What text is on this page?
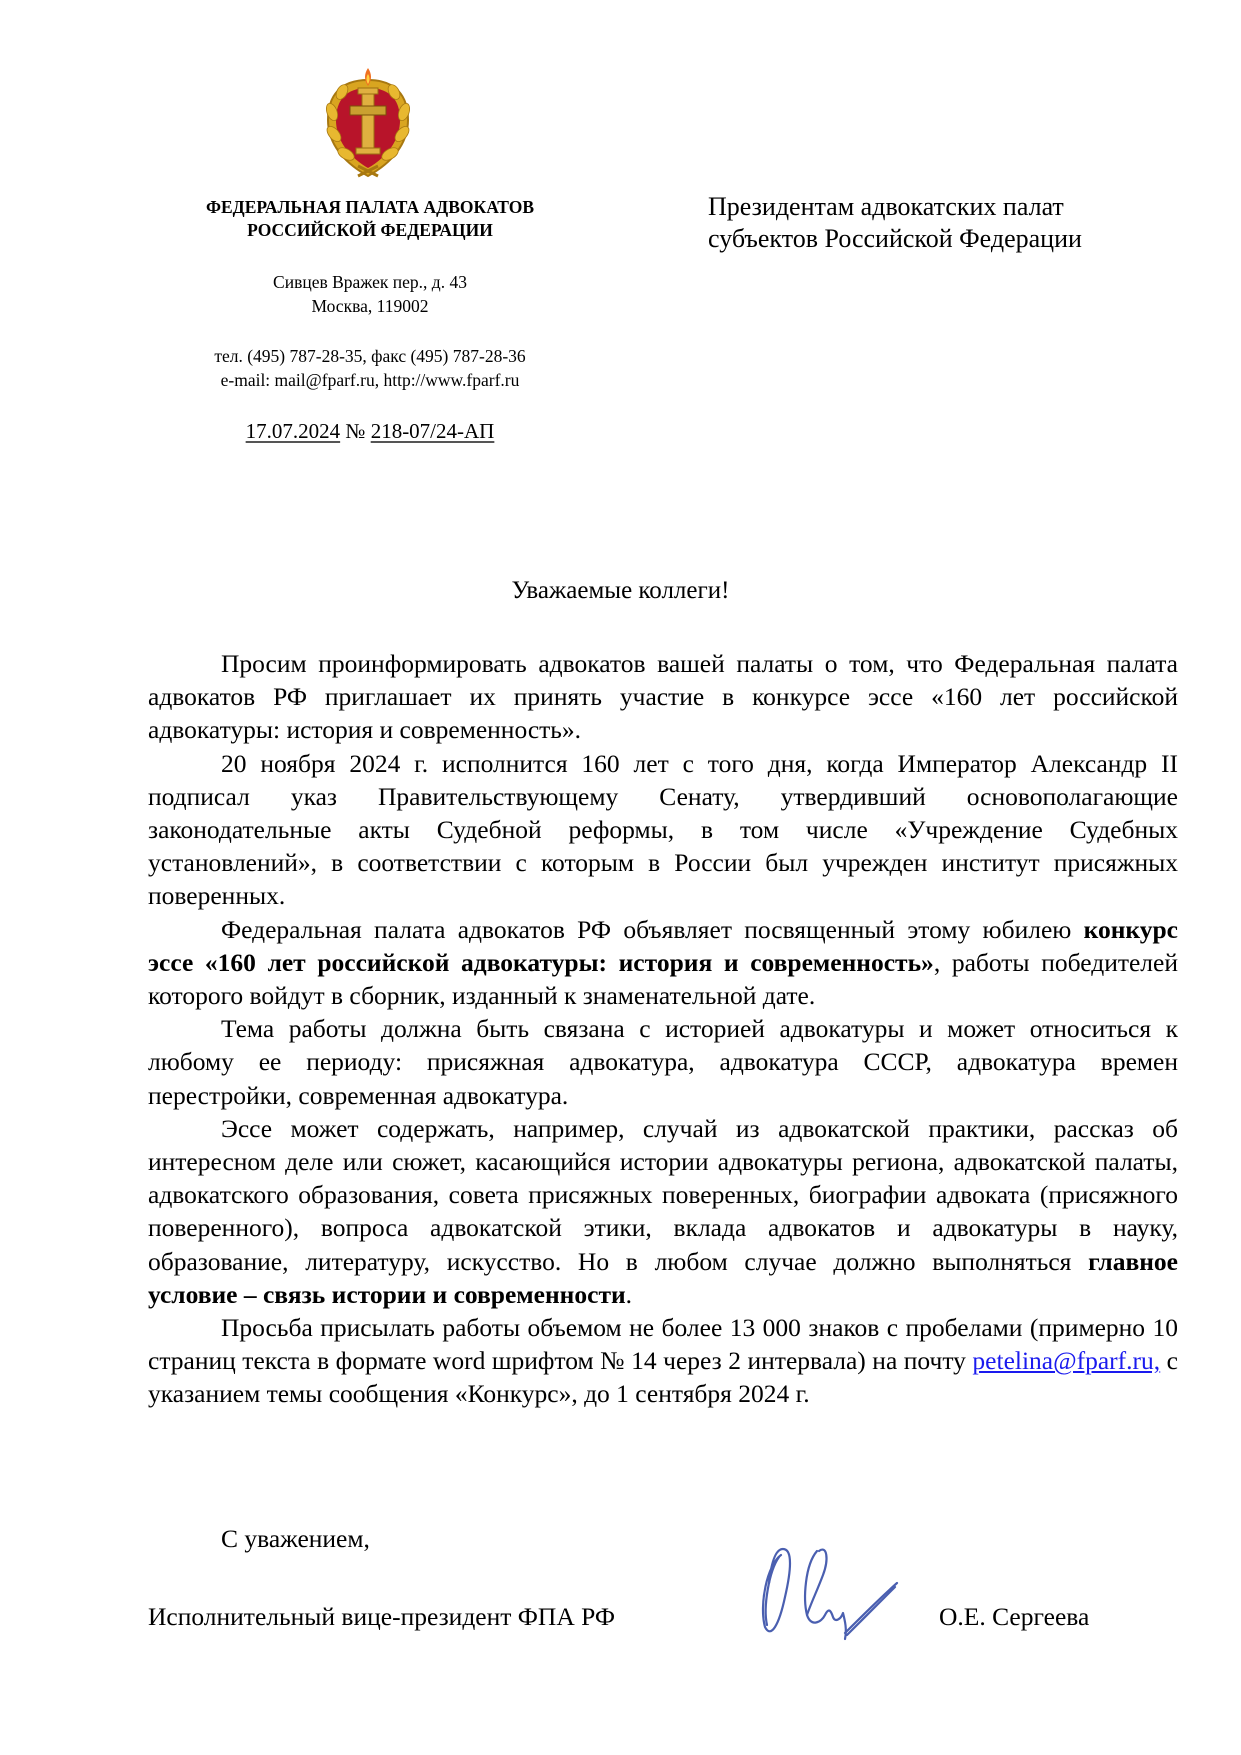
ФЕДЕРАЛЬНАЯ ПАЛАТА АДВОКАТОВ
РОССИЙСКОЙ ФЕДЕРАЦИИ

Сивцев Вражек пер., д. 43
Москва, 119002
тел. (495) 787-28-35, факс (495) 787-28-36
e-mail: mail@fparf.ru, http://www.fparf.ru
17.07.2024 № 218-07/24-АП
Президентам адвокатских палат
субъектов Российской Федерации
Уважаемые коллеги!

Просим проинформировать адвокатов вашей палаты о том, что Федеральная палата адвокатов РФ приглашает их принять участие в конкурсе эссе «160 лет российской адвокатуры: история и современность».

20 ноября 2024 г. исполнится 160 лет с того дня, когда Император Александр II подписал указ Правительствующему Сенату, утвердивший основополагающие законодательные акты Судебной реформы, в том числе «Учреждение Судебных установлений», в соответствии с которым в России был учрежден институт присяжных поверенных.

Федеральная палата адвокатов РФ объявляет посвященный этому юбилею конкурс эссе «160 лет российской адвокатуры: история и современность», работы победителей которого войдут в сборник, изданный к знаменательной дате.

Тема работы должна быть связана с историей адвокатуры и может относиться к любому ее периоду: присяжная адвокатура, адвокатура СССР, адвокатура времен перестройки, современная адвокатура.

Эссе может содержать, например, случай из адвокатской практики, рассказ об интересном деле или сюжет, касающийся истории адвокатуры региона, адвокатской палаты, адвокатского образования, совета присяжных поверенных, биографии адвоката (присяжного поверенного), вопроса адвокатской этики, вклада адвокатов и адвокатуры в науку, образование, литературу, искусство. Но в любом случае должно выполняться главное условие – связь истории и современности.

Просьба присылать работы объемом не более 13 000 знаков с пробелами (примерно 10 страниц текста в формате word шрифтом № 14 через 2 интервала) на почту petelina@fparf.ru, с указанием темы сообщения «Конкурс», до 1 сентября 2024 г.

С уважением,
Исполнительный вице-президент ФПА РФ	О.Е. Сергеева
